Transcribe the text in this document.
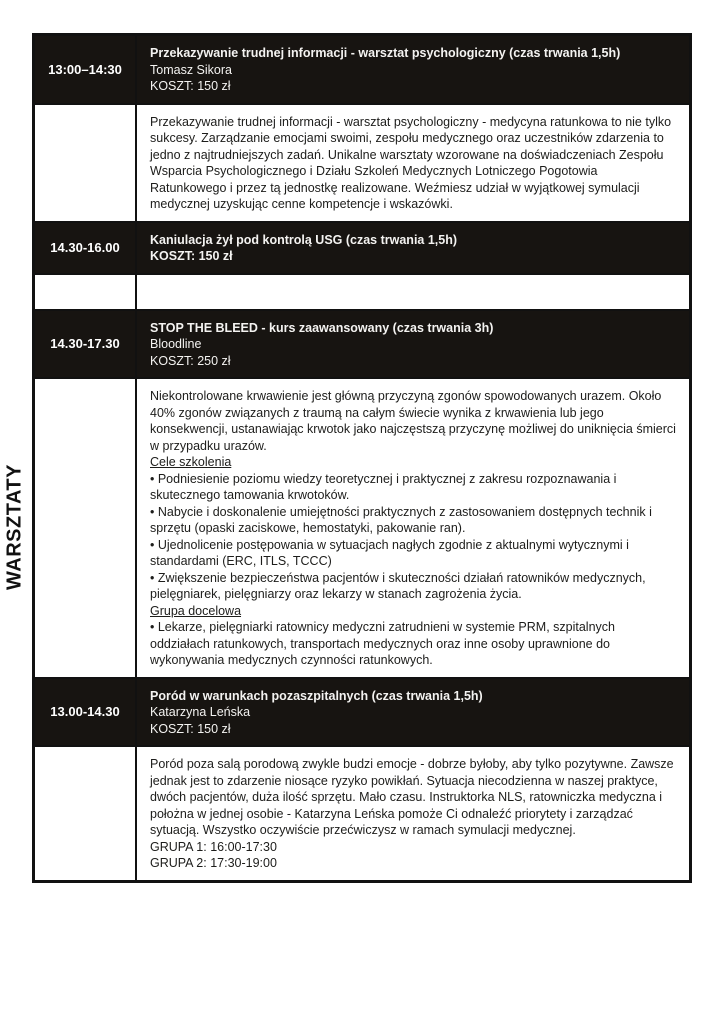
WARSZTATY
13:00–14:30
Przekazywanie trudnej informacji - warsztat psychologiczny (czas trwania 1,5h)
Tomasz Sikora
KOSZT: 150 zł
Przekazywanie trudnej informacji - warsztat psychologiczny - medycyna ratunkowa to nie tylko sukcesy. Zarządzanie emocjami swoimi, zespołu medycznego oraz uczestników zdarzenia to jedno z najtrudniejszych zadań. Unikalne warsztaty wzorowane na doświadczeniach Zespołu Wsparcia Psychologicznego i Działu Szkoleń Medycznych Lotniczego Pogotowia Ratunkowego i przez tą jednostkę realizowane. Weźmiesz udział w wyjątkowej symulacji medycznej uzyskując cenne kompetencje i wskazówki.
14.30-16.00
Kaniulacja żył pod kontrolą USG (czas trwania 1,5h)
KOSZT: 150 zł
14.30-17.30
STOP THE BLEED - kurs zaawansowany (czas trwania 3h)
Bloodline
KOSZT: 250 zł
Niekontrolowane krwawienie jest główną przyczyną zgonów spowodowanych urazem. Około 40% zgonów związanych z traumą na całym świecie wynika z krwawienia lub jego konsekwencji, ustanawiając krwotok jako najczęstszą przyczynę możliwej do uniknięcia śmierci w przypadku urazów.
Cele szkolenia
• Podniesienie poziomu wiedzy teoretycznej i praktycznej z zakresu rozpoznawania i skutecznego tamowania krwotoków.
• Nabycie i doskonalenie umiejętności praktycznych z zastosowaniem dostępnych technik i sprzętu (opaski zaciskowe, hemostatyki, pakowanie ran).
• Ujednolicenie postępowania w sytuacjach nagłych zgodnie z aktualnymi wytycznymi i standardami (ERC, ITLS, TCCC)
• Zwiększenie bezpieczeństwa pacjentów i skuteczności działań ratowników medycznych, pielęgniarek, pielęgniarzy oraz lekarzy w stanach zagrożenia życia.
Grupa docelowa
• Lekarze, pielęgniarki ratownicy medyczni zatrudnieni w systemie PRM, szpitalnych oddziałach ratunkowych, transportach medycznych oraz inne osoby uprawnione do wykonywania medycznych czynności ratunkowych.
13.00-14.30
Poród w warunkach pozaszpitalnych (czas trwania 1,5h)
Katarzyna Leńska
KOSZT: 150 zł
Poród poza salą porodową zwykle budzi emocje - dobrze byłoby, aby tylko pozytywne. Zawsze jednak jest to zdarzenie niosące ryzyko powikłań. Sytuacja niecodzienna w naszej praktyce, dwóch pacjentów, duża ilość sprzętu. Mało czasu. Instruktorka NLS, ratowniczka medyczna i położna w jednej osobie - Katarzyna Leńska pomoże Ci odnaleźć priorytety i zarządzać sytuacją. Wszystko oczywiście przećwiczysz w ramach symulacji medycznej.
GRUPA 1: 16:00-17:30
GRUPA 2: 17:30-19:00
